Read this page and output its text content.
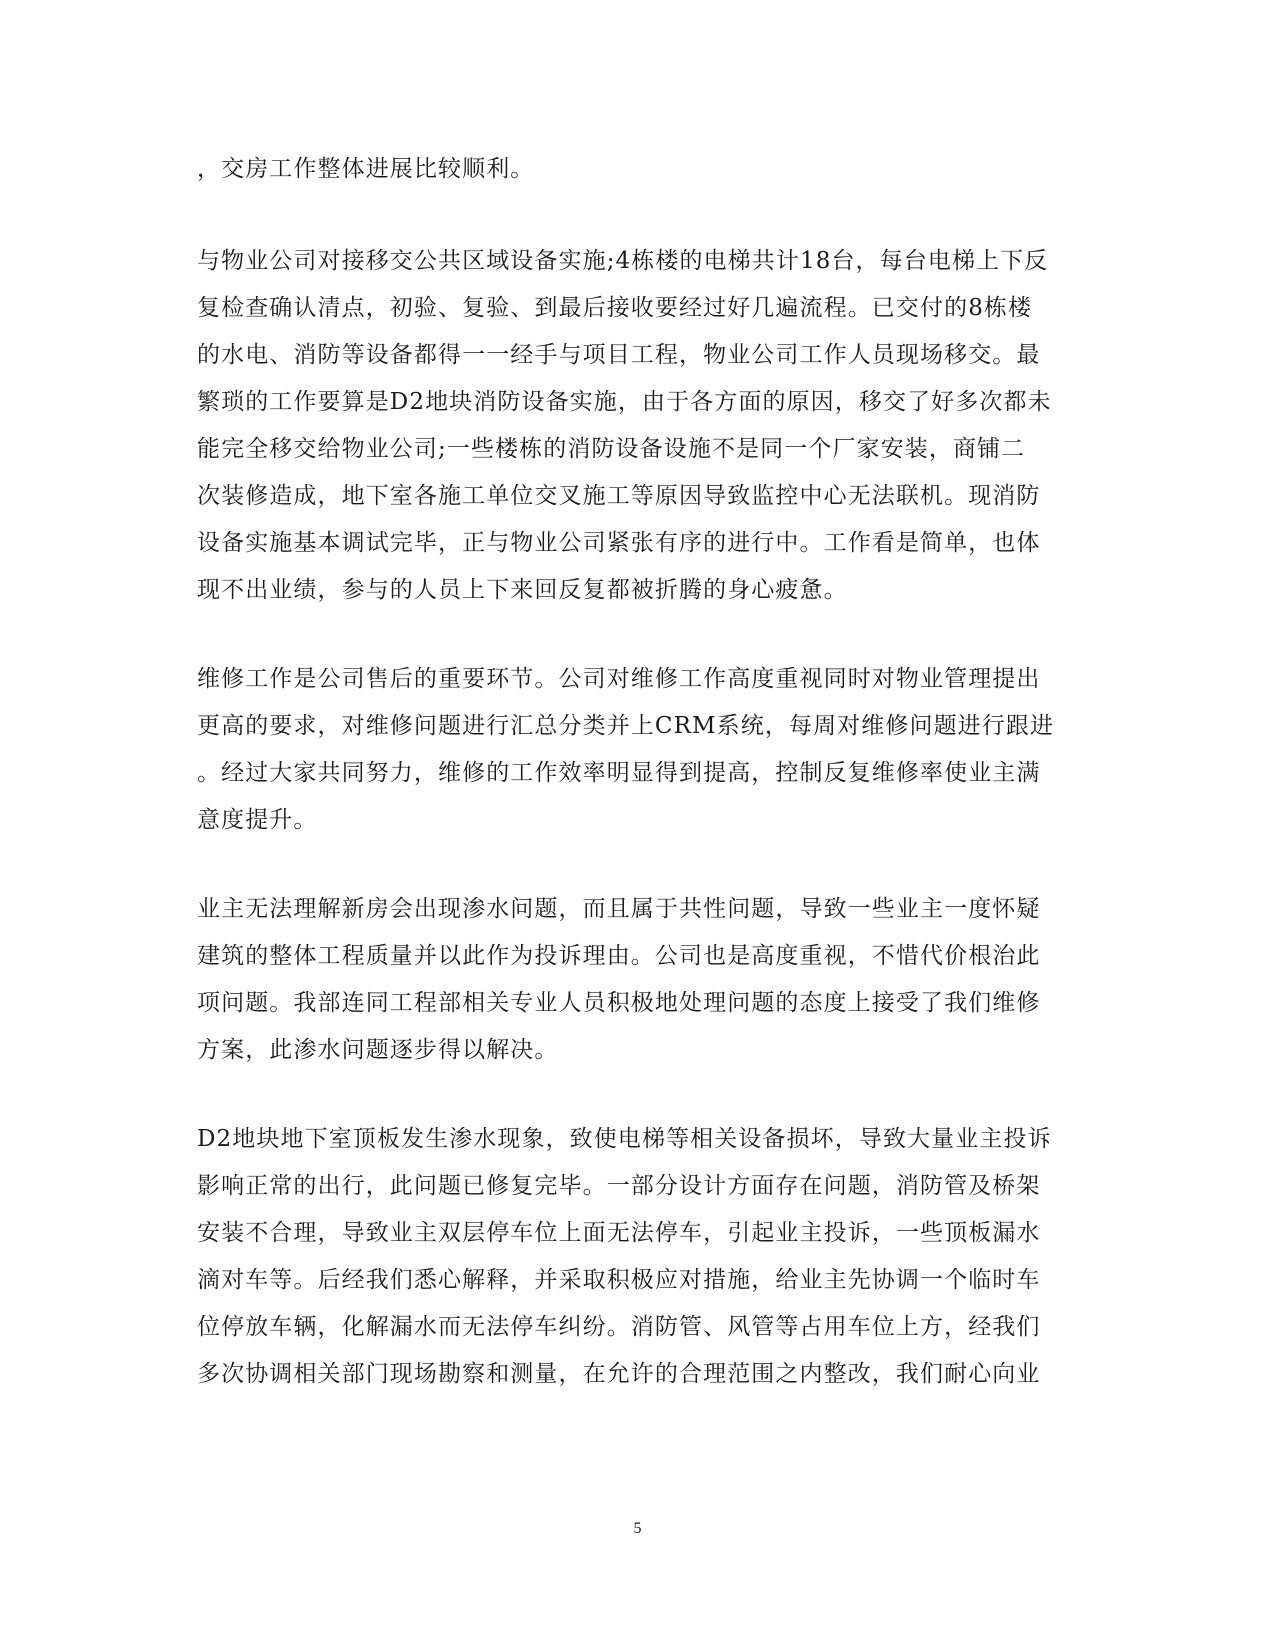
，交房工作整体进展比较顺利。
与物业公司对接移交公共区域设备实施;4栋楼的电梯共计18台，每台电梯上下反
复检查确认清点，初验、复验、到最后接收要经过好几遍流程。已交付的8栋楼
的水电、消防等设备都得一一经手与项目工程，物业公司工作人员现场移交。最
繁琐的工作要算是D2地块消防设备实施，由于各方面的原因，移交了好多次都未
能完全移交给物业公司;一些楼栋的消防设备设施不是同一个厂家安装，商铺二
次装修造成，地下室各施工单位交叉施工等原因导致监控中心无法联机。现消防
设备实施基本调试完毕，正与物业公司紧张有序的进行中。工作看是简单，也体
现不出业绩，参与的人员上下来回反复都被折腾的身心疲惫。
维修工作是公司售后的重要环节。公司对维修工作高度重视同时对物业管理提出
更高的要求，对维修问题进行汇总分类并上CRM系统，每周对维修问题进行跟进
。经过大家共同努力，维修的工作效率明显得到提高，控制反复维修率使业主满
意度提升。
业主无法理解新房会出现渗水问题，而且属于共性问题，导致一些业主一度怀疑
建筑的整体工程质量并以此作为投诉理由。公司也是高度重视，不惜代价根治此
项问题。我部连同工程部相关专业人员积极地处理问题的态度上接受了我们维修
方案，此渗水问题逐步得以解决。
D2地块地下室顶板发生渗水现象，致使电梯等相关设备损坏，导致大量业主投诉
影响正常的出行，此问题已修复完毕。一部分设计方面存在问题，消防管及桥架
安装不合理，导致业主双层停车位上面无法停车，引起业主投诉，一些顶板漏水
滴对车等。后经我们悉心解释，并采取积极应对措施，给业主先协调一个临时车
位停放车辆，化解漏水而无法停车纠纷。消防管、风管等占用车位上方，经我们
多次协调相关部门现场勘察和测量，在允许的合理范围之内整改，我们耐心向业
5
